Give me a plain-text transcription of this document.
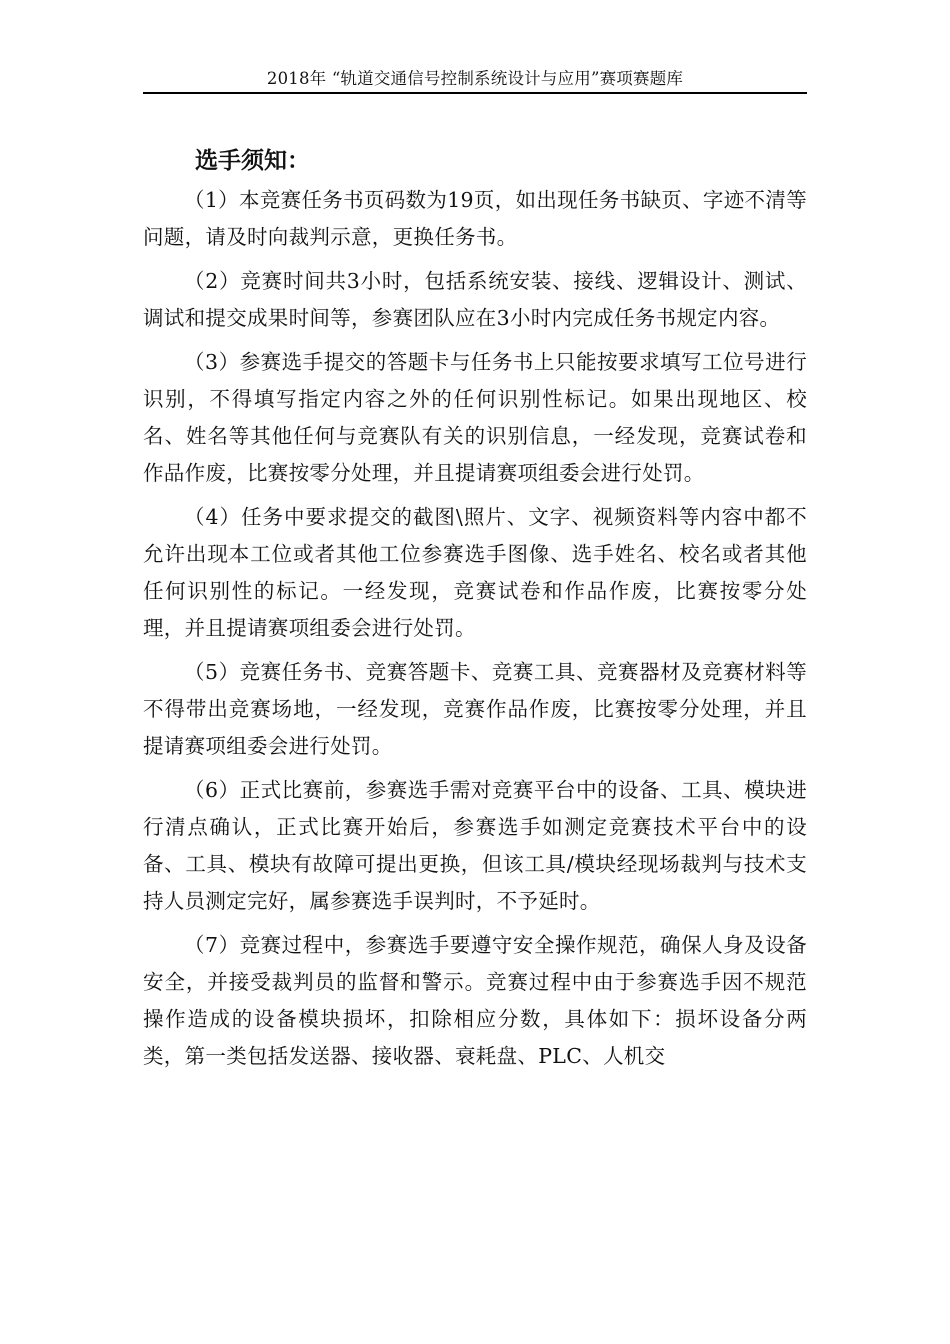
2018年 “轨道交通信号控制系统设计与应用”赛项赛题库
选手须知：

（1）本竞赛任务书页码数为19页，如出现任务书缺页、字迹不清等问题，请及时向裁判示意，更换任务书。

（2）竞赛时间共3小时，包括系统安装、接线、逻辑设计、测试、调试和提交成果时间等，参赛团队应在3小时内完成任务书规定内容。

（3）参赛选手提交的答题卡与任务书上只能按要求填写工位号进行识别，不得填写指定内容之外的任何识别性标记。如果出现地区、校名、姓名等其他任何与竞赛队有关的识别信息，一经发现，竞赛试卷和作品作废，比赛按零分处理，并且提请赛项组委会进行处罚。

（4）任务中要求提交的截图\照片、文字、视频资料等内容中都不允许出现本工位或者其他工位参赛选手图像、选手姓名、校名或者其他任何识别性的标记。一经发现，竞赛试卷和作品作废，比赛按零分处理，并且提请赛项组委会进行处罚。

（5）竞赛任务书、竞赛答题卡、竞赛工具、竞赛器材及竞赛材料等不得带出竞赛场地，一经发现，竞赛作品作废，比赛按零分处理，并且提请赛项组委会进行处罚。

（6）正式比赛前，参赛选手需对竞赛平台中的设备、工具、模块进行清点确认，正式比赛开始后，参赛选手如测定竞赛技术平台中的设备、工具、模块有故障可提出更换，但该工具/模块经现场裁判与技术支持人员测定完好，属参赛选手误判时，不予延时。

（7）竞赛过程中，参赛选手要遵守安全操作规范，确保人身及设备安全，并接受裁判员的监督和警示。竞赛过程中由于参赛选手因不规范操作造成的设备模块损坏，扣除相应分数，具体如下：损坏设备分两类，第一类包括发送器、接收器、衰耗盘、PLC、人机交
